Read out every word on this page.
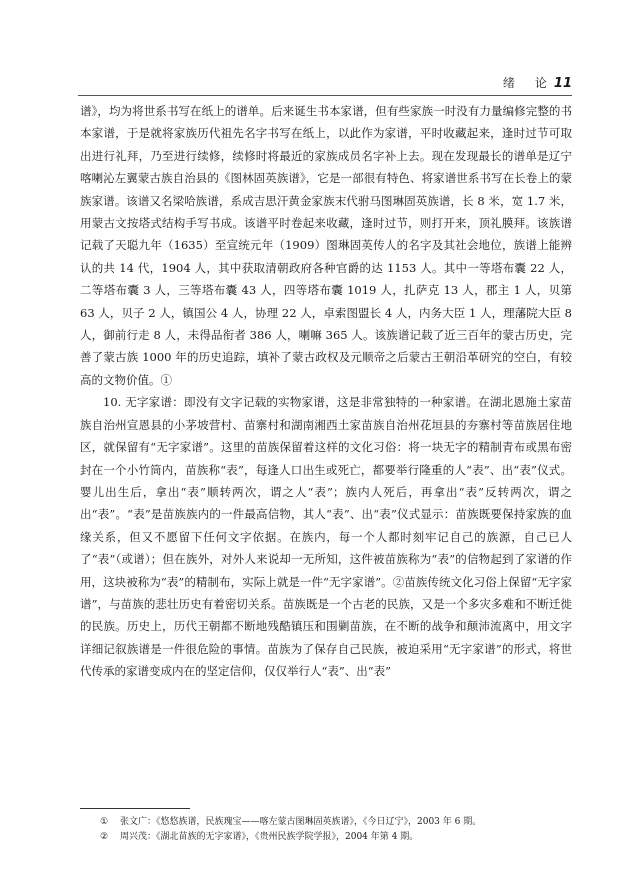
绪　论 11

谱》，均为将世系书写在纸上的谱单。后来诞生书本家谱，但有些家族一时没有力量编修完整的书本家谱，于是就将家族历代祖先名字书写在纸上，以此作为家谱，平时收藏起来，逢时过节可取出进行礼拜，乃至进行续修，续修时将最近的家族成员名字补上去。现在发现最长的谱单是辽宁喀喇沁左翼蒙古族自治县的《图林固英族谱》，它是一部很有特色、将家谱世系书写在长卷上的蒙族家谱。该谱又名梁哈族谱，系成吉思汗黄金家族末代驸马图琳固英族谱，长 8 米，宽 1.7 米，用蒙古文按塔式结构手写书成。该谱平时卷起来收藏，逢时过节，则打开来，顶礼膜拜。该族谱记载了天聪九年（1635）至宣统元年（1909）图琳固英传人的名字及其社会地位，族谱上能辨认的共 14 代，1904 人，其中获取清朝政府各种官爵的达 1153 人。其中一等塔布囊 22 人，二等塔布囊 3 人，三等塔布囊 43 人，四等塔布囊 1019 人，扎萨克 13 人，郡主 1 人，贝第 63 人，贝子 2 人，镇国公 4 人，协理 22 人，卓索图盟长 4 人，内务大臣 1 人，理藩院大臣 8 人，御前行走 8 人，未得品衔者 386 人，喇嘛 365 人。该族谱记载了近三百年的蒙古历史，完善了蒙古族 1000 年的历史追踪，填补了蒙古政权及元顺帝之后蒙古王朝沿革研究的空白，有较高的文物价值。①

10. 无字家谱：即没有文字记载的实物家谱，这是非常独特的一种家谱。在湖北恩施土家苗族自治州宣恩县的小茅坡营村、苗寨村和湖南湘西土家苗族自治州花垣县的夯寨村等苗族居住地区，就保留有“无字家谱”。这里的苗族保留着这样的文化习俗：将一块无字的精制青布或黑布密封在一个小竹筒内，苗族称“表”，每逢人口出生或死亡，都要举行隆重的人“表”、出“表”仪式。婴儿出生后，拿出“表”顺转两次，谓之人“表”；族内人死后，再拿出“表”反转两次，谓之出“表”。“表”是苗族族内的一件最高信物，其人“表”、出“表”仪式显示：苗族既要保持家族的血缘关系，但又不愿留下任何文字依据。在族内，每一个人都时刻牢记自己的族源，自己已人了“表”（或谱）；但在族外，对外人来说却一无所知，这件被苗族称为“表”的信物起到了家谱的作用，这块被称为“表”的精制布，实际上就是一件“无字家谱”。②苗族传统文化习俗上保留“无字家谱”，与苗族的悲壮历史有着密切关系。苗族既是一个古老的民族，又是一个多灾多难和不断迁徙的民族。历史上，历代王朝都不断地残酷镇压和围剿苗族，在不断的战争和颠沛流离中，用文字详细记叙族谱是一件很危险的事情。苗族为了保存自己民族，被迫采用“无字家谱”的形式，将世代传承的家谱变成内在的坚定信仰，仅仅举行人“表”、出“表”

① 张文广：《悠悠族谱，民族瑰宝——喀左蒙古图琳固英族谱》，《今日辽宁》，2003 年 6 期。
② 周兴茂：《湖北苗族的无字家谱》，《贵州民族学院学报》，2004 年第 4 期。
